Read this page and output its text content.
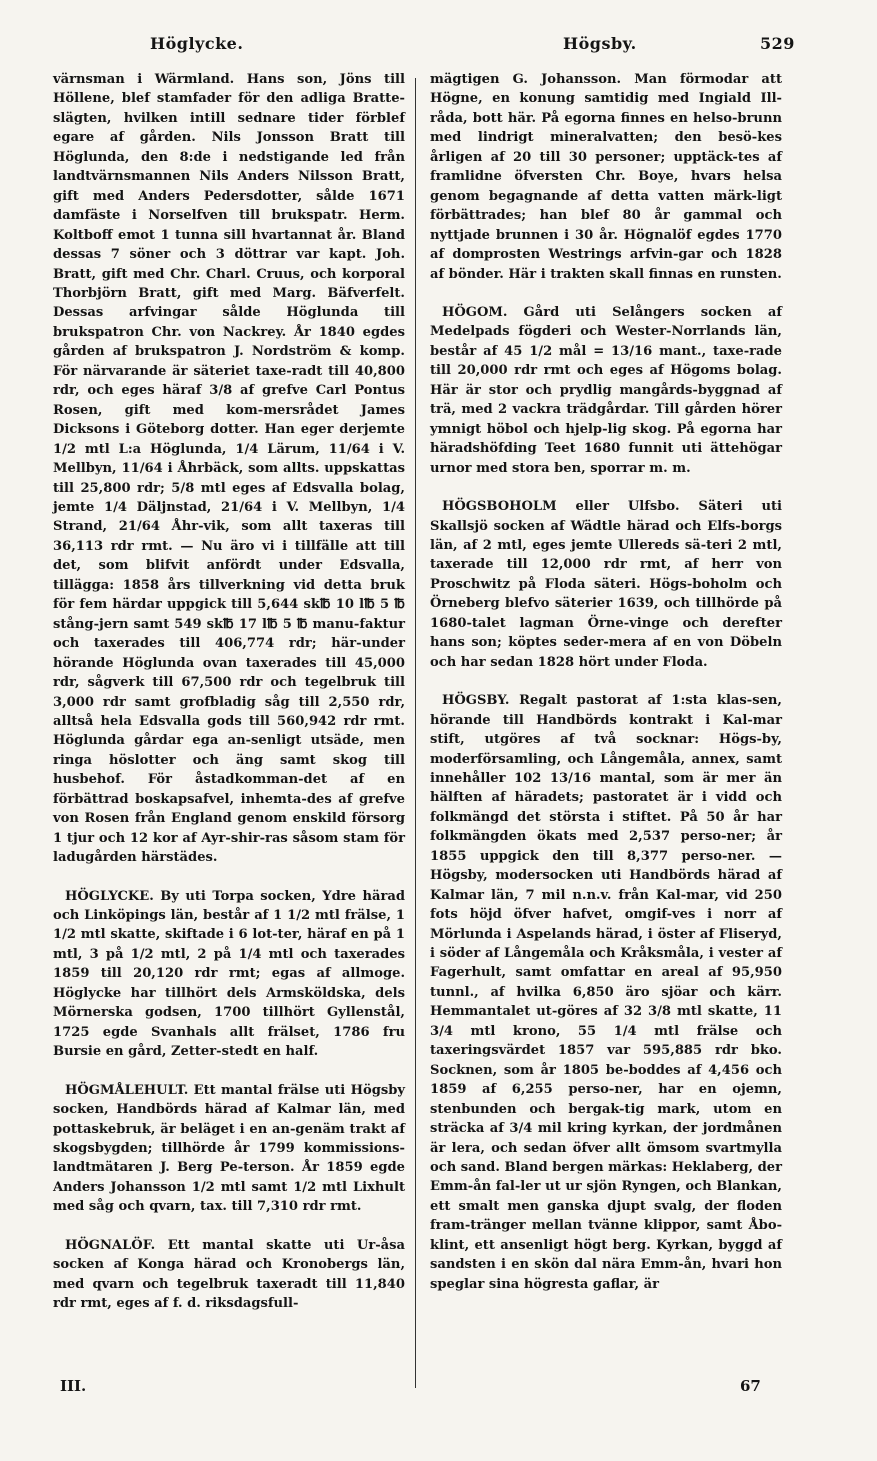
Höglycke.	Högsby.	529

värnsman i Wärmland. Hans son, Jöns till Höllene, blef stamfader för den adliga Bratte-slägten, hvilken intill sednare tider förblef egare af gården. Nils Jonsson Bratt till Höglunda, den 8:de i nedstigande led från landtvärnsmannen Nils Anders Nilsson Bratt, gift med Anders Pedersdotter, sålde 1671 damfäste i Norselfven till brukspatr. Herm. Koltboff emot 1 tunna sill hvartannat år. Bland dessas 7 söner och 3 döttrar var kapt. Joh. Bratt, gift med Chr. Charl. Cruus, och korporal Thorbjörn Bratt, gift med Marg. Bäfverfelt. Dessas arfvingar sålde Höglunda till brukspatron Chr. von Nackrey. År 1840 egdes gården af brukspatron J. Nordström & komp. För närvarande är säteriet taxe-radt till 40,800 rdr, och eges häraf 3/8 af grefve Carl Pontus Rosen, gift med kom-mersrådet James Dicksons i Göteborg dotter. Han eger derjemte 1/2 mtl L:a Höglunda, 1/4 Lärum, 11/64 i V. Mellbyn, 11/64 i Åhrbäck, som allts. uppskattas till 25,800 rdr; 5/8 mtl eges af Edsvalla bolag, jemte 1/4 Däljnstad, 21/64 i V. Mellbyn, 1/4 Strand, 21/64 Åhr-vik, som allt taxeras till 36,113 rdr rmt. — Nu äro vi i tillfälle att till det, som blifvit anfördt under Edsvalla, tillägga: 1858 års tillverkning vid detta bruk för fem härdar uppgick till 5,644 sk℔ 10 l℔ 5 ℔ stång-jern samt 549 sk℔ 17 l℔ 5 ℔ manu-faktur och taxerades till 406,774 rdr; här-under hörande Höglunda ovan taxerades till 45,000 rdr, sågverk till 67,500 rdr och tegelbruk till 3,000 rdr samt grofbladig såg till 2,550 rdr, alltså hela Edsvalla gods till 560,942 rdr rmt. Höglunda gårdar ega an-senligt utsäde, men ringa höslotter och äng samt skog till husbehof. För åstadkomman-det af en förbättrad boskapsafvel, inhemta-des af grefve von Rosen från England genom enskild försorg 1 tjur och 12 kor af Ayr-shir-ras såsom stam för ladugården härstädes.

HÖGLYCKE. By uti Torpa socken, Ydre härad och Linköpings län, består af 1 1/2 mtl frälse, 1 1/2 mtl skatte, skiftade i 6 lot-ter, häraf en på 1 mtl, 3 på 1/2 mtl, 2 på 1/4 mtl och taxerades 1859 till 20,120 rdr rmt; egas af allmoge. Höglycke har tillhört dels Armsköldska, dels Mörnerska godsen, 1700 tillhört Gyllenstål, 1725 egde Svanhals allt frälset, 1786 fru Bursie en gård, Zetter-stedt en half.

HÖGMÅLEHULT. Ett mantal frälse uti Högsby socken, Handbörds härad af Kalmar län, med pottaskebruk, är beläget i en an-genäm trakt af skogsbygden; tillhörde år 1799 kommissions-landtmätaren J. Berg Pe-terson. År 1859 egde Anders Johansson 1/2 mtl samt 1/2 mtl Lixhult med såg och qvarn, tax. till 7,310 rdr rmt.

HÖGNALÖF. Ett mantal skatte uti Ur-åsa socken af Konga härad och Kronobergs län, med qvarn och tegelbruk taxeradt till 11,840 rdr rmt, eges af f. d. riksdagsfull-

mägtigen G. Johansson. Man förmodar att Högne, en konung samtidig med Ingiald Ill-råda, bott här. På egorna finnes en helso-brunn med lindrigt mineralvatten; den besö-kes årligen af 20 till 30 personer; upptäck-tes af framlidne öfversten Chr. Boye, hvars helsa genom begagnande af detta vatten märk-ligt förbättrades; han blef 80 år gammal och nyttjade brunnen i 30 år. Högnalöf egdes 1770 af domprosten Westrings arfvin-gar och 1828 af bönder. Här i trakten skall finnas en runsten.

HÖGOM. Gård uti Selångers socken af Medelpads fögderi och Wester-Norrlands län, består af 45 1/2 mål = 13/16 mant., taxe-rade till 20,000 rdr rmt och eges af Högoms bolag. Här är stor och prydlig mangårds-byggnad af trä, med 2 vackra trädgårdar. Till gården hörer ymnigt höbol och hjelp-lig skog. På egorna har häradshöfding Teet 1680 funnit uti ättehögar urnor med stora ben, sporrar m. m.

HÖGSBOHOLM eller Ulfsbo. Säteri uti Skallsjö socken af Wädtle härad och Elfs-borgs län, af 2 mtl, eges jemte Ullereds sä-teri 2 mtl, taxerade till 12,000 rdr rmt, af herr von Proschwitz på Floda säteri. Högs-boholm och Örneberg blefvo säterier 1639, och tillhörde på 1680-talet lagman Örne-vinge och derefter hans son; köptes seder-mera af en von Döbeln och har sedan 1828 hört under Floda.

HÖGSBY. Regalt pastorat af 1:sta klas-sen, hörande till Handbörds kontrakt i Kal-mar stift, utgöres af två socknar: Högs-by, moderförsamling, och Långemåla, annex, samt innehåller 102 13/16 mantal, som är mer än hälften af häradets; pastoratet är i vidd och folkmängd det största i stiftet. På 50 år har folkmängden ökats med 2,537 perso-ner; år 1855 uppgick den till 8,377 perso-ner. — Högsby, modersocken uti Handbörds härad af Kalmar län, 7 mil n.n.v. från Kal-mar, vid 250 fots höjd öfver hafvet, omgif-ves i norr af Mörlunda i Aspelands härad, i öster af Fliseryd, i söder af Långemåla och Kråksmåla, i vester af Fagerhult, samt omfattar en areal af 95,950 tunnl., af hvilka 6,850 äro sjöar och kärr. Hemmantalet ut-göres af 32 3/8 mtl skatte, 11 3/4 mtl krono, 55 1/4 mtl frälse och taxeringsvärdet 1857 var 595,885 rdr bko. Socknen, som år 1805 be-boddes af 4,456 och 1859 af 6,255 perso-ner, har en ojemn, stenbunden och bergak-tig mark, utom en sträcka af 3/4 mil kring kyrkan, der jordmånen är lera, och sedan öfver allt ömsom svartmylla och sand. Bland bergen märkas: Heklaberg, der Emm-ån fal-ler ut ur sjön Ryngen, och Blankan, ett smalt men ganska djupt svalg, der floden fram-tränger mellan tvänne klippor, samt Åbo-klint, ett ansenligt högt berg. Kyrkan, byggd af sandsten i en skön dal nära Emm-ån, hvari hon speglar sina högresta gaflar, är

III.	67
